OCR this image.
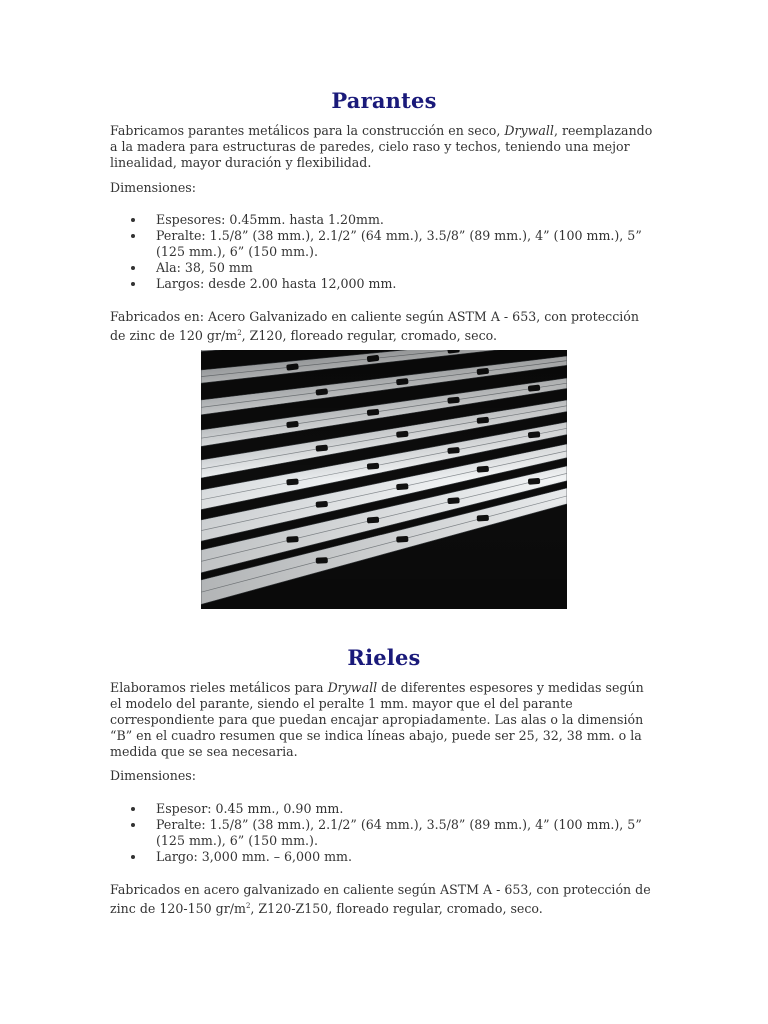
Parantes

Fabricamos parantes metálicos para la construcción en seco, Drywall, reemplazando a la madera para estructuras de paredes, cielo raso y techos, teniendo una mejor linealidad, mayor duración y flexibilidad.

Dimensiones:

Espesores: 0.45mm. hasta 1.20mm.
Peralte: 1.5/8” (38 mm.), 2.1/2” (64 mm.), 3.5/8” (89 mm.), 4” (100 mm.), 5” (125 mm.), 6” (150 mm.).
Ala: 38, 50 mm
Largos: desde 2.00 hasta 12,000 mm.

Fabricados en: Acero Galvanizado en caliente según ASTM A - 653, con protección de zinc de 120 $gr/m^2$, Z120, floreado regular, cromado, seco.

Rieles

Elaboramos rieles metálicos para Drywall de diferentes espesores y medidas según el modelo del parante, siendo el peralte 1 mm. mayor que el del parante correspondiente para que puedan encajar apropiadamente. Las alas o la dimensión “B” en el cuadro resumen que se indica líneas abajo, puede ser 25, 32, 38 mm. o la medida que se sea necesaria.

Dimensiones:

Espesor: 0.45 mm., 0.90 mm.
Peralte: 1.5/8” (38 mm.), 2.1/2” (64 mm.), 3.5/8” (89 mm.), 4” (100 mm.), 5” (125 mm.), 6” (150 mm.).
Largo: 3,000 mm. – 6,000 mm.

Fabricados en acero galvanizado en caliente según ASTM A - 653, con protección de zinc de 120-150 $gr/m^2$, Z120-Z150, floreado regular, cromado, seco.
